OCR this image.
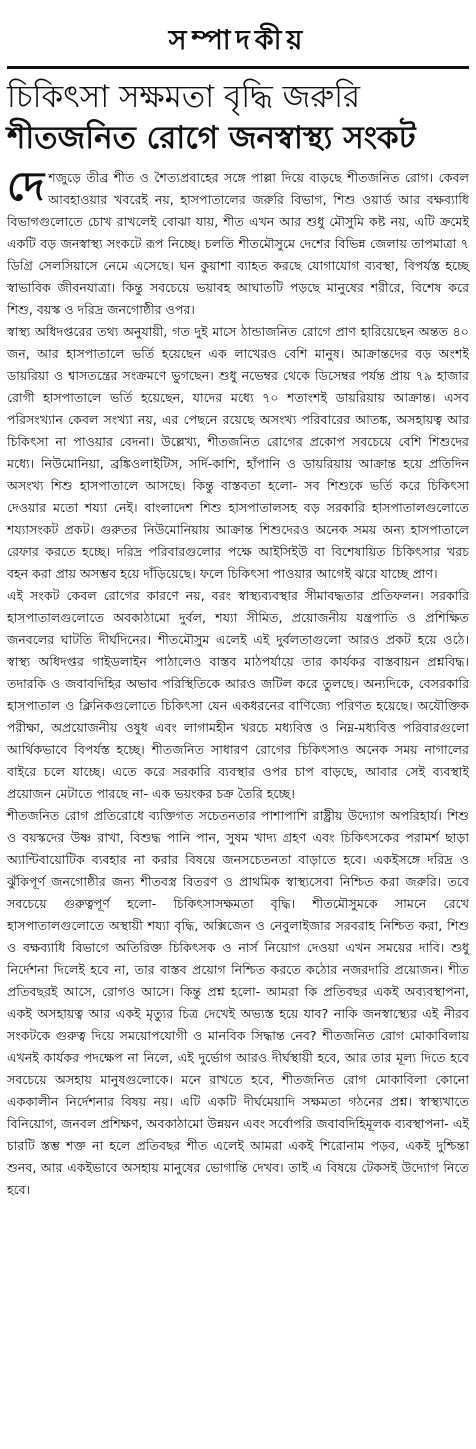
সম্পাদকীয়
চিকিৎসা সক্ষমতা বৃদ্ধি জরুরি
শীতজনিত রোগে জনস্বাস্থ্য সংকট

দেশজুড়ে তীব্র শীত ও শৈত্যপ্রবাহের সঙ্গে পাল্লা দিয়ে বাড়ছে শীতজনিত রোগ। কেবল আবহাওয়ার খবরেই নয়, হাসপাতালের জরুরি বিভাগ, শিশু ওয়ার্ড আর বক্ষব্যাধি বিভাগগুলোতে চোখ রাখলেই বোঝা যায়, শীত এখন আর শুধু মৌসুমি কষ্ট নয়, এটি ক্রমেই একটি বড় জনস্বাস্থ্য সংকটে রূপ নিচ্ছে। চলতি শীতমৌসুমে দেশের বিভিন্ন জেলায় তাপমাত্রা ৭ ডিগ্রি সেলসিয়াসে নেমে এসেছে। ঘন কুয়াশা ব্যাহত করছে যোগাযোগ ব্যবস্থা, বিপর্যস্ত হচ্ছে স্বাভাবিক জীবনযাত্রা। কিন্তু সবচেয়ে ভয়াবহ আঘাতটি পড়ছে মানুষের শরীরে, বিশেষ করে শিশু, বয়স্ক ও দরিদ্র জনগোষ্ঠীর ওপর।

স্বাস্থ্য অধিদপ্তরের তথ্য অনুযায়ী, গত দুই মাসে ঠান্ডাজনিত রোগে প্রাণ হারিয়েছেন অন্তত ৪০ জন, আর হাসপাতালে ভর্তি হয়েছেন এক লাখেরও বেশি মানুষ। আক্রান্তদের বড় অংশই ডায়রিয়া ও শ্বাসতন্ত্রের সংক্রমণে ভুগছেন। শুধু নভেম্বর থেকে ডিসেম্বর পর্যন্ত প্রায় ৭৯ হাজার রোগী হাসপাতালে ভর্তি হয়েছেন, যাদের মধ্যে ৭০ শতাংশই ডায়রিয়ায় আক্রান্ত। এসব পরিসংখ্যান কেবল সংখ্যা নয়, এর পেছনে রয়েছে অসংখ্য পরিবারের আতঙ্ক, অসহায়ত্ব আর চিকিৎসা না পাওয়ার বেদনা। উল্লেখ্য, শীতজনিত রোগের প্রকোপ সবচেয়ে বেশি শিশুদের মধ্যে। নিউমোনিয়া, ব্রঙ্কিওলাইটিস, সর্দি-কাশি, হাঁপানি ও ডায়রিয়ায় আক্রান্ত হয়ে প্রতিদিন অসংখ্য শিশু হাসপাতালে আসছে। কিন্তু বাস্তবতা হলো- সব শিশুকে ভর্তি করে চিকিৎসা দেওয়ার মতো শয্যা নেই। বাংলাদেশ শিশু হাসপাতালসহ বড় সরকারি হাসপাতালগুলোতে শয্যাসংকট প্রকট। গুরুতর নিউমোনিয়ায় আক্রান্ত শিশুদেরও অনেক সময় অন্য হাসপাতালে রেফার করতে হচ্ছে। দরিদ্র পরিবারগুলোর পক্ষে আইসিইউ বা বিশেষায়িত চিকিৎসার খরচ বহন করা প্রায় অসম্ভব হয়ে দাঁড়িয়েছে। ফলে চিকিৎসা পাওয়ার আগেই ঝরে যাচ্ছে প্রাণ।

এই সংকট কেবল রোগের কারণে নয়, বরং স্বাস্থ্যব্যবস্থার সীমাবদ্ধতার প্রতিফলন। সরকারি হাসপাতালগুলোতে অবকাঠামো দুর্বল, শয্যা সীমিত, প্রয়োজনীয় যন্ত্রপাতি ও প্রশিক্ষিত জনবলের ঘাটতি দীর্ঘদিনের। শীতমৌসুম এলেই এই দুর্বলতাগুলো আরও প্রকট হয়ে ওঠে। স্বাস্থ্য অধিদপ্তর গাইডলাইন পাঠালেও বাস্তব মাঠপর্যায়ে তার কার্যকর বাস্তবায়ন প্রশ্নবিদ্ধ। তদারকি ও জবাবদিহির অভাব পরিস্থিতিকে আরও জটিল করে তুলছে। অন্যদিকে, বেসরকারি হাসপাতাল ও ক্লিনিকগুলোতে চিকিৎসা যেন একধরনের বাণিজ্যে পরিণত হয়েছে। অযৌক্তিক পরীক্ষা, অপ্রয়োজনীয় ওষুধ এবং লাগামহীন খরচে মধ্যবিত্ত ও নিম্ন-মধ্যবিত্ত পরিবারগুলো আর্থিকভাবে বিপর্যস্ত হচ্ছে। শীতজনিত সাধারণ রোগের চিকিৎসাও অনেক সময় নাগালের বাইরে চলে যাচ্ছে। এতে করে সরকারি ব্যবস্থার ওপর চাপ বাড়ছে, আবার সেই ব্যবস্থাই প্রয়োজন মেটাতে পারছে না- এক ভয়ংকর চক্র তৈরি হচ্ছে।

শীতজনিত রোগ প্রতিরোধে ব্যক্তিগত সচেতনতার পাশাপাশি রাষ্ট্রীয় উদ্যোগ অপরিহার্য। শিশু ও বয়স্কদের উষ্ণ রাখা, বিশুদ্ধ পানি পান, সুষম খাদ্য গ্রহণ এবং চিকিৎসকের পরামর্শ ছাড়া অ্যান্টিবায়োটিক ব্যবহার না করার বিষয়ে জনসচেতনতা বাড়াতে হবে। একইসঙ্গে দরিদ্র ও ঝুঁকিপূর্ণ জনগোষ্ঠীর জন্য শীতবস্ত্র বিতরণ ও প্রাথমিক স্বাস্থ্যসেবা নিশ্চিত করা জরুরি। তবে সবচেয়ে গুরুত্বপূর্ণ হলো- চিকিৎসাসক্ষমতা বৃদ্ধি। শীতমৌসুমকে সামনে রেখে হাসপাতালগুলোতে অস্থায়ী শয্যা বৃদ্ধি, অক্সিজেন ও নেবুলাইজার সরবরাহ নিশ্চিত করা, শিশু ও বক্ষব্যাধি বিভাগে অতিরিক্ত চিকিৎসক ও নার্স নিয়োগ দেওয়া এখন সময়ের দাবি। শুধু নির্দেশনা দিলেই হবে না, তার বাস্তব প্রয়োগ নিশ্চিত করতে কঠোর নজরদারি প্রয়োজন। শীত প্রতিবছরই আসে, রোগও আসে। কিন্তু প্রশ্ন হলো- আমরা কি প্রতিবছর একই অব্যবস্থাপনা, একই অসহায়ত্ব আর একই মৃত্যুর চিত্র দেখেই অভ্যস্ত হয়ে যাব? নাকি জনস্বাস্থ্যের এই নীরব সংকটকে গুরুত্ব দিয়ে সময়োপযোগী ও মানবিক সিদ্ধান্ত নেব? শীতজনিত রোগ মোকাবিলায় এখনই কার্যকর পদক্ষেপ না নিলে, এই দুর্ভোগ আরও দীর্ঘস্থায়ী হবে, আর তার মূল্য দিতে হবে সবচেয়ে অসহায় মানুষগুলোকে। মনে রাখতে হবে, শীতজনিত রোগ মোকাবিলা কোনো এককালীন নির্দেশনার বিষয় নয়। এটি একটি দীর্ঘমেয়াদি সক্ষমতা গঠনের প্রশ্ন। স্বাস্থ্যখাতে বিনিয়োগ, জনবল প্রশিক্ষণ, অবকাঠামো উন্নয়ন এবং সর্বোপরি জবাবদিহিমূলক ব্যবস্থাপনা- এই চারটি স্তম্ভ শক্ত না হলে প্রতিবছর শীত এলেই আমরা একই শিরোনাম পড়ব, একই দুশ্চিন্তা শুনব, আর একইভাবে অসহায় মানুষের ভোগান্তি দেখব। তাই এ বিষয়ে টেকসই উদ্যোগ নিতে হবে।
